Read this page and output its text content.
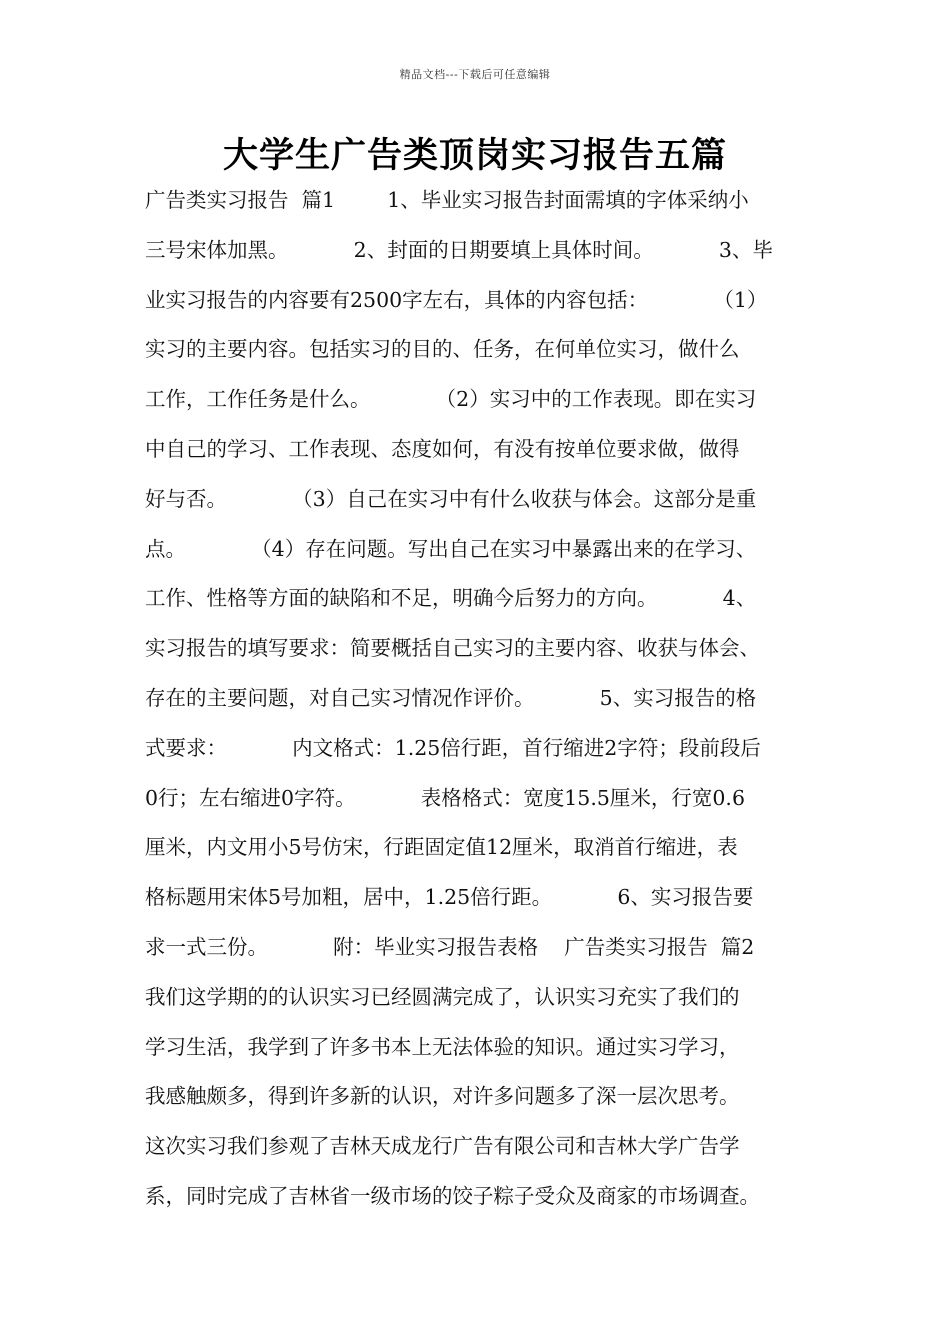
精品文档---下载后可任意编辑
大学生广告类顶岗实习报告五篇
广告类实习报告  篇1        1、毕业实习报告封面需填的字体采纳小
三号宋体加黑。          2、封面的日期要填上具体时间。          3、毕
业实习报告的内容要有2500字左右，具体的内容包括：          （1）
实习的主要内容。包括实习的目的、任务，在何单位实习，做什么
工作，工作任务是什么。          （2）实习中的工作表现。即在实习
中自己的学习、工作表现、态度如何，有没有按单位要求做，做得
好与否。          （3）自己在实习中有什么收获与体会。这部分是重
点。          （4）存在问题。写出自己在实习中暴露出来的在学习、
工作、性格等方面的缺陷和不足，明确今后努力的方向。          4、
实习报告的填写要求：简要概括自己实习的主要内容、收获与体会、
存在的主要问题，对自己实习情况作评价。          5、实习报告的格
式要求：          内文格式：1.25倍行距，首行缩进2字符；段前段后
0行；左右缩进0字符。          表格格式：宽度15.5厘米，行宽0.6
厘米，内文用小5号仿宋，行距固定值12厘米，取消首行缩进，表
格标题用宋体5号加粗，居中，1.25倍行距。          6、实习报告要
求一式三份。          附：毕业实习报告表格    广告类实习报告  篇2
我们这学期的的认识实习已经圆满完成了，认识实习充实了我们的
学习生活，我学到了许多书本上无法体验的知识。通过实习学习，
我感触颇多，得到许多新的认识，对许多问题多了深一层次思考。
这次实习我们参观了吉林天成龙行广告有限公司和吉林大学广告学
系，同时完成了吉林省一级市场的饺子粽子受众及商家的市场调查。
